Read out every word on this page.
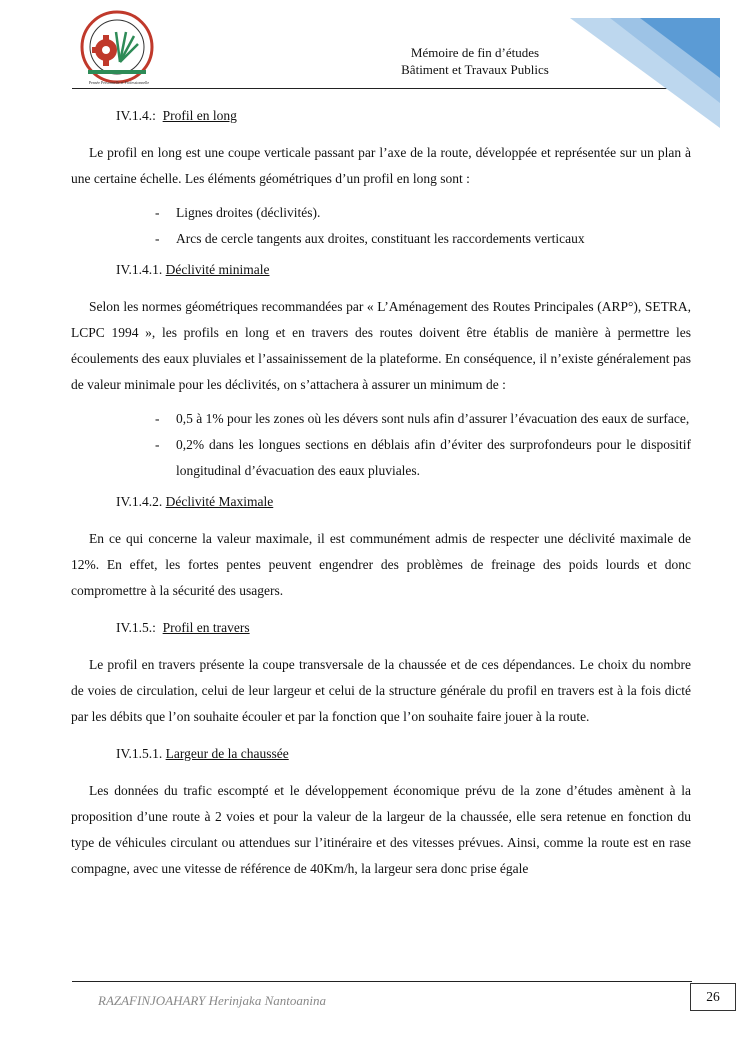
Pensée Personnelle et Professionnelle
Mémoire de fin d’études
Bâtiment et Travaux Publics

IV.1.4.: Profil en long

Le profil en long est une coupe verticale passant par l’axe de la route, développée et représentée sur un plan à une certaine échelle. Les éléments géométriques d’un profil en long sont :

- Lignes droites (déclivités).
- Arcs de cercle tangents aux droites, constituant les raccordements verticaux

IV.1.4.1. Déclivité minimale

Selon les normes géométriques recommandées par « L’Aménagement des Routes Principales (ARP°), SETRA, LCPC 1994 », les profils en long et en travers des routes doivent être établis de manière à permettre les écoulements des eaux pluviales et l’assainissement de la plateforme. En conséquence, il n’existe généralement pas de valeur minimale pour les déclivités, on s’attachera à assurer un minimum de :

- 0,5 à 1% pour les zones où les dévers sont nuls afin d’assurer l’évacuation des eaux de surface,
- 0,2% dans les longues sections en déblais afin d’éviter des surprofondeurs pour le dispositif longitudinal d’évacuation des eaux pluviales.

IV.1.4.2. Déclivité Maximale

En ce qui concerne la valeur maximale, il est communément admis de respecter une déclivité maximale de 12%. En effet, les fortes pentes peuvent engendrer des problèmes de freinage des poids lourds et donc compromettre à la sécurité des usagers.

IV.1.5.: Profil en travers

Le profil en travers présente la coupe transversale de la chaussée et de ces dépendances. Le choix du nombre de voies de circulation, celui de leur largeur et celui de la structure générale du profil en travers est à la fois dicté par les débits que l’on souhaite écouler et par la fonction que l’on souhaite faire jouer à la route.

IV.1.5.1. Largeur de la chaussée

Les données du trafic escompté et le développement économique prévu de la zone d’études amènent à la proposition d’une route à 2 voies et pour la valeur de la largeur de la chaussée, elle sera retenue en fonction du type de véhicules circulant ou attendues sur l’itinéraire et des vitesses prévues. Ainsi, comme la route est en rase compagne, avec une vitesse de référence de 40Km/h, la largeur sera donc prise égale

RAZAFINJOAHARY Herinjaka Nantoanina	26
